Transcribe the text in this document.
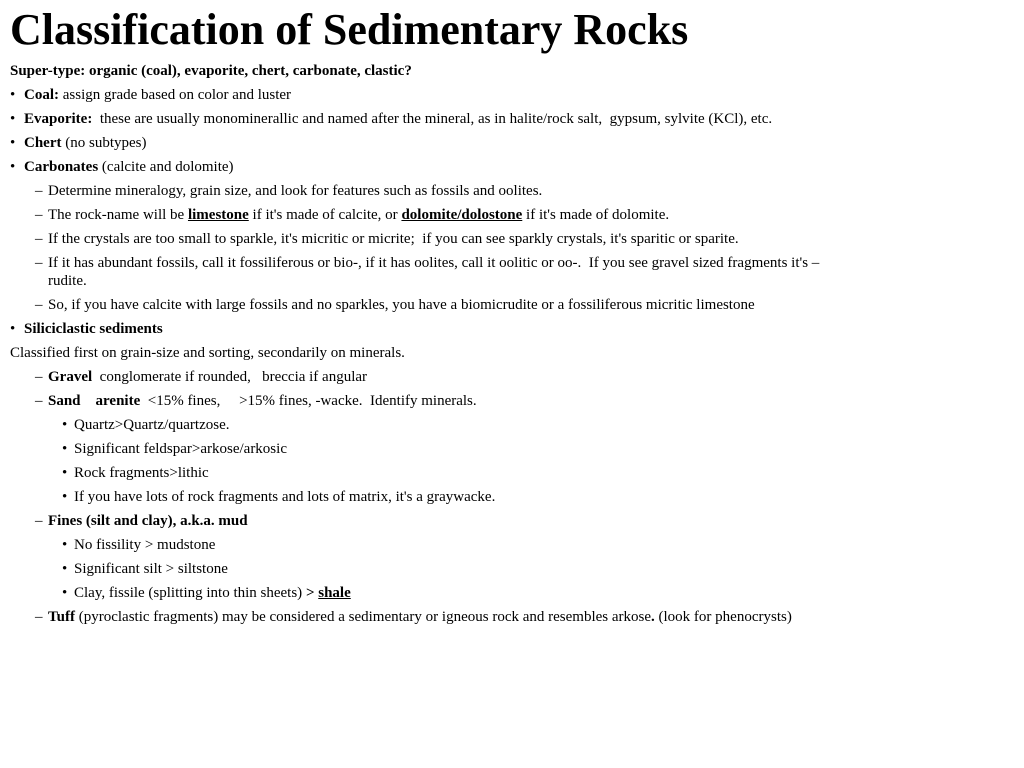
Classification of Sedimentary Rocks

Super-type: organic (coal), evaporite, chert, carbonate, clastic?

• Coal: assign grade based on color and luster

• Evaporite:  these are usually monominerallic and named after the mineral, as in halite/rock salt,  gypsum, sylvite (KCl), etc.

• Chert (no subtypes)

• Carbonates (calcite and dolomite)

– Determine mineralogy, grain size, and look for features such as fossils and oolites.

– The rock-name will be limestone if it's made of calcite, or dolomite/dolostone if it's made of dolomite.

– If the crystals are too small to sparkle, it's micritic or micrite;  if you can see sparkly crystals, it's sparitic or sparite.

– If it has abundant fossils, call it fossiliferous or bio-, if it has oolites, call it oolitic or oo-.  If you see gravel sized fragments it's –
rudite.

– So, if you have calcite with large fossils and no sparkles, you have a biomicrudite or a fossiliferous micritic limestone

• Siliciclastic sediments

Classified first on grain-size and sorting, secondarily on minerals.

– Gravel  conglomerate if rounded,   breccia if angular

– Sand    arenite  <15% fines,     >15% fines, -wacke.  Identify minerals.

• Quartz>Quartz/quartzose.

• Significant feldspar>arkose/arkosic

• Rock fragments>lithic

• If you have lots of rock fragments and lots of matrix, it's a graywacke.

– Fines (silt and clay), a.k.a. mud

• No fissility > mudstone

• Significant silt > siltstone

• Clay, fissile (splitting into thin sheets) > shale

– Tuff (pyroclastic fragments) may be considered a sedimentary or igneous rock and resembles arkose. (look for phenocrysts)
